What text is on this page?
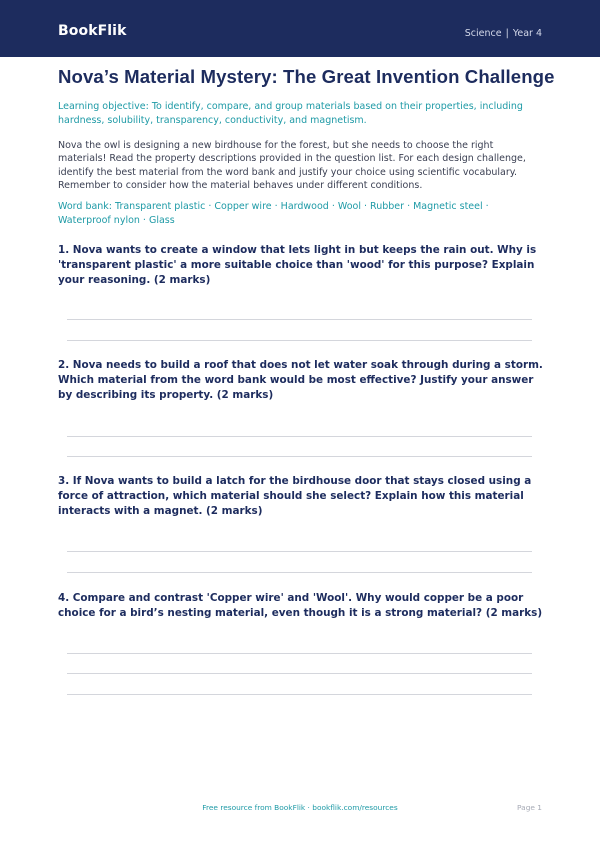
BookFlik	Science | Year 4
Nova’s Material Mystery: The Great Invention Challenge

Learning objective: To identify, compare, and group materials based on their properties, including hardness, solubility, transparency, conductivity, and magnetism.

Nova the owl is designing a new birdhouse for the forest, but she needs to choose the right materials! Read the property descriptions provided in the question list. For each design challenge, identify the best material from the word bank and justify your choice using scientific vocabulary. Remember to consider how the material behaves under different conditions.

Word bank: Transparent plastic · Copper wire · Hardwood · Wool · Rubber · Magnetic steel · Waterproof nylon · Glass

1. Nova wants to create a window that lets light in but keeps the rain out. Why is 'transparent plastic' a more suitable choice than 'wood' for this purpose? Explain your reasoning. (2 marks)

2. Nova needs to build a roof that does not let water soak through during a storm. Which material from the word bank would be most effective? Justify your answer by describing its property. (2 marks)

3. If Nova wants to build a latch for the birdhouse door that stays closed using a force of attraction, which material should she select? Explain how this material interacts with a magnet. (2 marks)

4. Compare and contrast 'Copper wire' and 'Wool'. Why would copper be a poor choice for a bird’s nesting material, even though it is a strong material? (2 marks)

Free resource from BookFlik · bookflik.com/resources	Page 1
